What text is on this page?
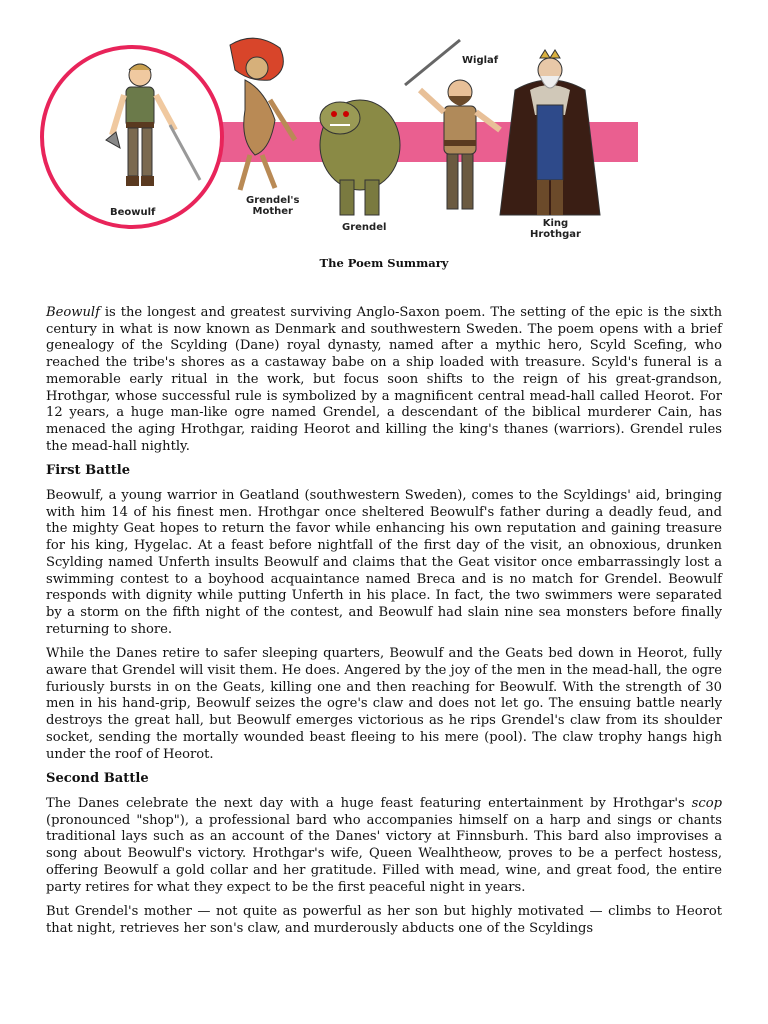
Beowulf
Grendel's
Mother
Grendel
Wiglaf
King
Hrothgar
The Poem Summary

Beowulf is the longest and greatest surviving Anglo-Saxon poem. The setting of the epic is the sixth century in what is now known as Denmark and southwestern Sweden. The poem opens with a brief genealogy of the Scylding (Dane) royal dynasty, named after a mythic hero, Scyld Scefing, who reached the tribe's shores as a castaway babe on a ship loaded with treasure. Scyld's funeral is a memorable early ritual in the work, but focus soon shifts to the reign of his great-grandson, Hrothgar, whose successful rule is symbolized by a magnificent central mead-hall called Heorot. For 12 years, a huge man-like ogre named Grendel, a descendant of the biblical murderer Cain, has menaced the aging Hrothgar, raiding Heorot and killing the king's thanes (warriors). Grendel rules the mead-hall nightly.

First Battle

Beowulf, a young warrior in Geatland (southwestern Sweden), comes to the Scyldings' aid, bringing with him 14 of his finest men. Hrothgar once sheltered Beowulf's father during a deadly feud, and the mighty Geat hopes to return the favor while enhancing his own reputation and gaining treasure for his king, Hygelac. At a feast before nightfall of the first day of the visit, an obnoxious, drunken Scylding named Unferth insults Beowulf and claims that the Geat visitor once embarrassingly lost a swimming contest to a boyhood acquaintance named Breca and is no match for Grendel. Beowulf responds with dignity while putting Unferth in his place. In fact, the two swimmers were separated by a storm on the fifth night of the contest, and Beowulf had slain nine sea monsters before finally returning to shore.

While the Danes retire to safer sleeping quarters, Beowulf and the Geats bed down in Heorot, fully aware that Grendel will visit them. He does. Angered by the joy of the men in the mead-hall, the ogre furiously bursts in on the Geats, killing one and then reaching for Beowulf. With the strength of 30 men in his hand-grip, Beowulf seizes the ogre's claw and does not let go. The ensuing battle nearly destroys the great hall, but Beowulf emerges victorious as he rips Grendel's claw from its shoulder socket, sending the mortally wounded beast fleeing to his mere (pool). The claw trophy hangs high under the roof of Heorot.

Second Battle

The Danes celebrate the next day with a huge feast featuring entertainment by Hrothgar's scop (pronounced "shop"), a professional bard who accompanies himself on a harp and sings or chants traditional lays such as an account of the Danes' victory at Finnsburh. This bard also improvises a song about Beowulf's victory. Hrothgar's wife, Queen Wealhtheow, proves to be a perfect hostess, offering Beowulf a gold collar and her gratitude. Filled with mead, wine, and great food, the entire party retires for what they expect to be the first peaceful night in years.

But Grendel's mother — not quite as powerful as her son but highly motivated — climbs to Heorot that night, retrieves her son's claw, and murderously abducts one of the Scyldings
